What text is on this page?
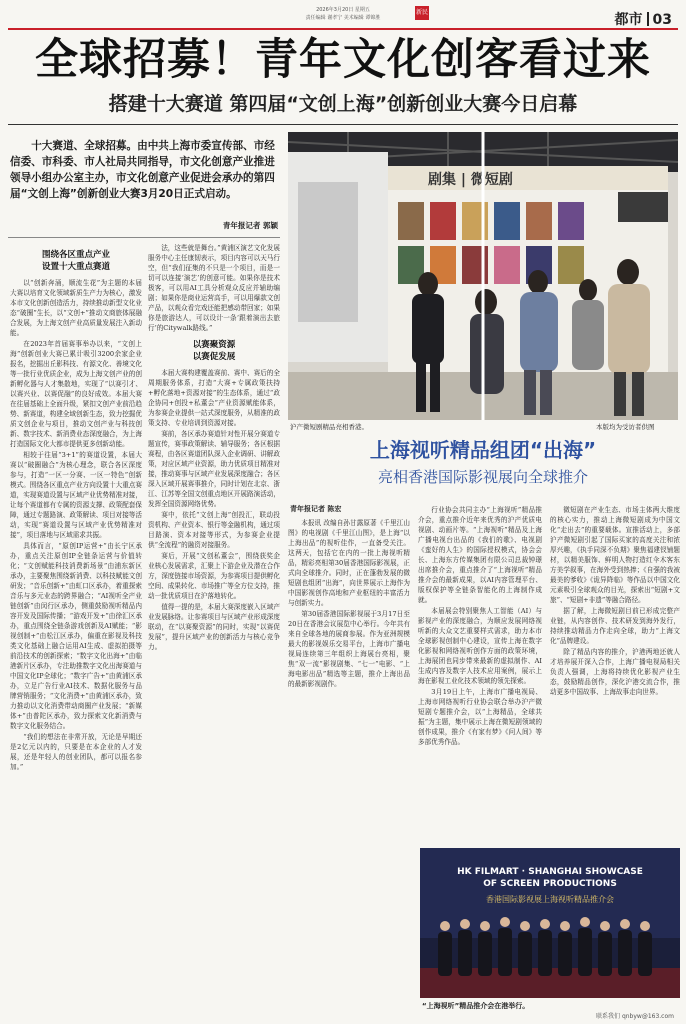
2026年3月20日 星期五
责任编辑 谢孝宁 美术编辑 谭锦胜
新民	都市 03
全球招募！青年文化创客看过来
搭建十大赛道 第四届“文创上海”创新创业大赛今日启幕

十大赛道、全球招募。由中共上海市委宣传部、市经信委、市科委、市人社局共同指导，市文化创意产业推进领导小组办公室主办，市文化创意产业促进会承办的第四届“文创上海”创新创业大赛3月20日正式启动。

青年报记者 郭颖
围绕各区重点产业
设置十大重点赛道

以“创新奔涌，顺流生花”为主题的本届大赛以培育文化领域新质生产力为核心，激发本市文化创新创造活力，持续推动新型文化业态“破圈”生长，以“文创+”推动文商旅体展融合发展，为上海文创产业高质量发展注入新动能。

在2023年首届赛事举办以来，“文创上海”创新创业大赛已累计吸引3200余家企业报名，挖掘出丘影科技、有源文化、善境文化等一批行业优质企业，成为上海文创产业的创新孵化器与人才集散地，实现了“以赛引才、以赛兴业、以赛促融”的良好成效。本届大赛在往届基础上全面升级，紧扣文创产业前沿趋势、新赛道，构建全域创新生态，致力挖掘优质文创企业与项目，推动文创产业与科技创新、数字技术、新消费业态深度融合，为上海打造国际文化大都市提供更多创新动能。

相较于往届“3+1”的赛道设置，本届大赛以“破圈融合”为核心理念，联合各区深度参与，打造“一区一分赛、一区一特色”创新模式。围绕各区重点产业方向设置十大重点赛道，实现赛道设置与区域产业优势精准对接，让每个赛道都有专属的资源支撑、政策配套保障，通过专题路演、政策解读、项目对接等活动，实现“赛道设置与区域产业优势精准对接”，项目落地与区域需求共振。

具体而言，“原创IP运营+”由长宁区承办，重点关注原创IP全链条运营与价值转化；“文创赋能科技消费新场景”由浦东新区承办，主要聚焦围绕新消费、以科技赋能文创研发；“音乐创新+”由虹口区承办，着重探索音乐与多元业态的跨界融合；“AI视听全产业链创新”由闵行区承办，侧重鼓励视听精品内容开发及国际传播；“游戏开发+”由徐汇区承办，重点围绕全链条游戏创新及AI赋能；“影视创制+”由松江区承办，偏重在影视及科技类文化基础上融合运用AI生成、虚拟拍摄等前沿技术的创新探索；“数字文化出海+”由临港新片区承办，专注助推数字文化出海赛道与中国文化IP全球化；“数字广告+”由黄浦区承办，立足广告行业AI技术、数据化服务与品牌营销服务；“文化消费+”由黄浦区承办，致力推动以文化消费带动商圈产业发展；“新媒体+”由普陀区承办，致力探索文化新消费与数字文化服务结合。

“我们的想法在非常开放，无论是早期还是2亿元以内的，只要是在本企业的人才发展，还是年轻人的创业团队，都可以报名参加。”

法，这些就是舞台。”黄浦区演艺文化发展服务中心主任康韧表示，项目内容可以天马行空，但“我们征集的不只是一个项目，而是一切可以连接‘演艺’的创意可能。如果你是技术极客，可以用AI工具分析观众反应并辅助编剧；如果你是商业运营高手，可以用爆款文创产品，以观众看完戏还能把感动带回家；如果你是旅游达人，可以设计一条‘跟着演出去旅行’的Citywalk路线。”

以赛聚资源
以赛促发展

本届大赛构建覆盖赛前、赛中、赛后的全周期服务体系，打造“大赛+专属政策扶持+孵化落地+资源对接”的生态体系，通过“政企协同+创投+私董会”产业资源赋能体系，为参赛企业提供一站式深度服务，从精准的政策支持、专业培训到资源对接。

赛前，各区承办赛道针对性开展分赛道专题宣传，赛事政策解读、辅导服务；各区根据赛程，由各区赛道团队深入企业调研、讲解政策，对应区域产业资源，助力优质项目精准对接，推动赛事与区域产业发展深度融合；各区深入区域开展赛事推介，同时计划在北京、浙江、江苏等全国文创重点地区开展路演活动，发挥全国资源网络优势。

赛中，依托“文创上海”创投汇，联动投资机构、产业资本、银行等金融机构，通过项目路演、资本对接等形式，为参赛企业提供“全流程”的融资对接服务。

赛后，开展“文创私董会”，围绕获奖企业核心发展需求，汇聚上下游企业及潜在合作方，深度链接市场资源，为参赛项目提供孵化空间、成果转化、市场推广等全方位支持，推动一批优质项目在沪落地转化。

值得一提的是，本届大赛深度嵌入区域产业发展脉络。让参赛项目与区域产业形成深度联动，在“以赛聚资源”的同时，实现“以赛促发展”，提升区域产业的创新活力与核心竞争力。

剧集 | 微短剧
沪产微短剧精品亮相香港。	本版均为受访者供图
上海视听精品组团“出海”
亮相香港国际影视展向全球推介
青年报记者 陈宏

本报讯 改编自孙甘露原著《千里江山图》的电视剧《千里江山图》，是上海“以上海出品”的视听佳作，一直备受关注。这两天，包括它在内的一批上海视听精品，精彩亮相第30届香港国际影视展，正式向全球推介。同时，正在蓬勃发展的微短剧也组团“出海”，向世界展示上海作为中国影视创作高地和产业枢纽的丰富活力与创新实力。

第30届香港国际影视展于3月17日至20日在香港会议展览中心举行。今年共有来自全球各地的展商参展。作为亚洲规模最大的影视娱乐交易平台，上海市广播电视局连续第三年组织上海展台亮相，聚焦“双一流”影视剧集、“七一”电影、“上海电影出品”精选等主题，推介上海出品的最新影视剧作。

行业协会共同主办“上海视听”精品推介会，重点推介近年来优秀的沪产优质电视剧、动画片等。“上海视听”精品及上海广播电视台出品的《我们的歌》、电视剧《蛮好的人生》的国际授权模式，协会会长、上海东方传媒集团有限公司总裁钟璟出席推介会，重点推介了“上海视听”精品推介会的最新成果，以AI内容管理平台、版权保护等全链条智能化的上海制作成就。

本届展会特别聚焦人工智能（AI）与影视产业的深度融合，为顺应发展网络视听新的大众文艺重要样式需求，助力本市全球影视创制中心建设，宣传上海在数字化影视和网络视听创作方面的政策环境，上海展团也同步带来最新的虚拟制作、AI生成内容及数字人技术应用案例，展示上海在影视工业化技术领域的领先探索。

3月19日上午，上海市广播电视局、上海市网络视听行业协会联合举办沪产微短剧专题推介会，以“上海精品，全球共振”为主题，集中展示上海在微短剧领域的创作成果，推介《有家有梦》《问人间》等多部优秀作品。

微短剧在产业生态、市场主体两大维度的核心实力，推动上海微短剧成为中国文化“走出去”的重要载体。宣推活动上，多部沪产微短剧引起了国际买家的高度关注和浓厚兴趣，《执手同深不负期》聚焦福建钗铺题材，以精美服饰、鲜明人物打造红伞木客东方美学叙事，在海外受到热捧；《自强的我被最美的爹收》《诡异降临》等作品以中国文化元素吸引全球观众的目光，探索出“短剧+文旅”、“短剧+非遗”等融合路径。

据了解，上海微短剧目前已形成完整产业链，从内容创作、技术研发到海外发行，持续推动精品力作走向全球，助力“上海文化”品牌建设。

除了精品内容的推介，沪港两地还就人才培养展开深入合作，上海广播电视局相关负责人强调，上海将持续优化影视产业生态，鼓励精品创作，深化沪港交流合作，推动更多中国故事、上海故事走向世界。

HK FILMART · SHANGHAI SHOWCASE
OF SCREEN PRODUCTIONS
香港国际影视展上海视听精品推介会
“上海视听”精品推介会在港举行。
联系我们 qnbyw@163.com
